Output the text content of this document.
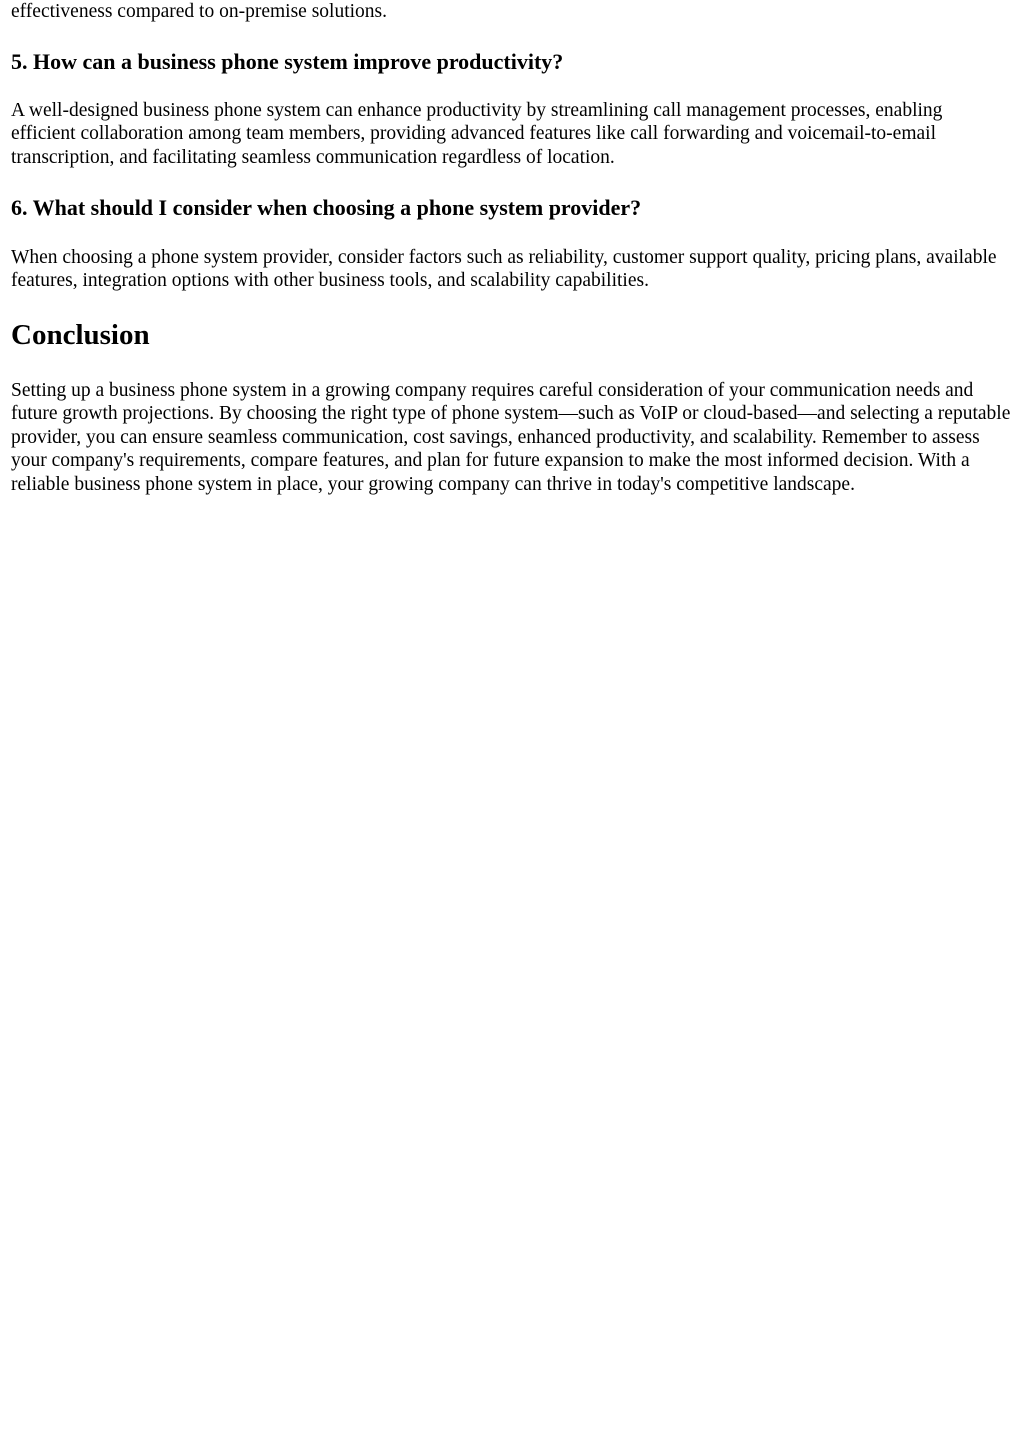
effectiveness compared to on-premise solutions.

5. How can a business phone system improve productivity?

A well-designed business phone system can enhance productivity by streamlining call management processes, enabling efficient collaboration among team members, providing advanced features like call forwarding and voicemail-to-email transcription, and facilitating seamless communication regardless of location.

6. What should I consider when choosing a phone system provider?

When choosing a phone system provider, consider factors such as reliability, customer support quality, pricing plans, available features, integration options with other business tools, and scalability capabilities.

Conclusion

Setting up a business phone system in a growing company requires careful consideration of your communication needs and future growth projections. By choosing the right type of phone system—such as VoIP or cloud-based—and selecting a reputable provider, you can ensure seamless communication, cost savings, enhanced productivity, and scalability. Remember to assess your company's requirements, compare features, and plan for future expansion to make the most informed decision. With a reliable business phone system in place, your growing company can thrive in today's competitive landscape.
